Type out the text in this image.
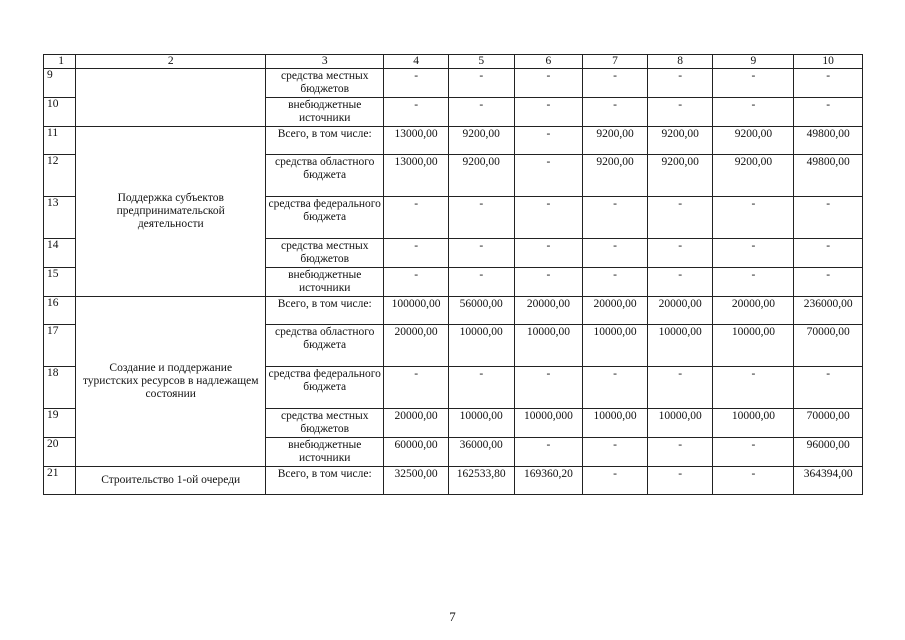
1	2	3	4	5	6	7	8	9	10
9		средства местных бюджетов	-	-	-	-	-	-	-
10		внебюджетные источники	-	-	-	-	-	-	-
11	Поддержка субъектов предпринимательской деятельности	Всего, в том числе:	13000,00	9200,00	-	9200,00	9200,00	9200,00	49800,00
12		средства областного бюджета	13000,00	9200,00	-	9200,00	9200,00	9200,00	49800,00
13		средства федерального бюджета	-	-	-	-	-	-	-
14		средства местных бюджетов	-	-	-	-	-	-	-
15		внебюджетные источники	-	-	-	-	-	-	-
16	Создание и поддержание туристских ресурсов в надлежащем состоянии	Всего, в том числе:	100000,00	56000,00	20000,00	20000,00	20000,00	20000,00	236000,00
17		средства областного бюджета	20000,00	10000,00	10000,00	10000,00	10000,00	10000,00	70000,00
18		средства федерального бюджета	-	-	-	-	-	-	-
19		средства местных бюджетов	20000,00	10000,00	10000,000	10000,00	10000,00	10000,00	70000,00
20		внебюджетные источники	60000,00	36000,00	-	-	-	-	96000,00
21	Строительство 1-ой очереди	Всего, в том числе:	32500,00	162533,80	169360,20	-	-	-	364394,00
7
